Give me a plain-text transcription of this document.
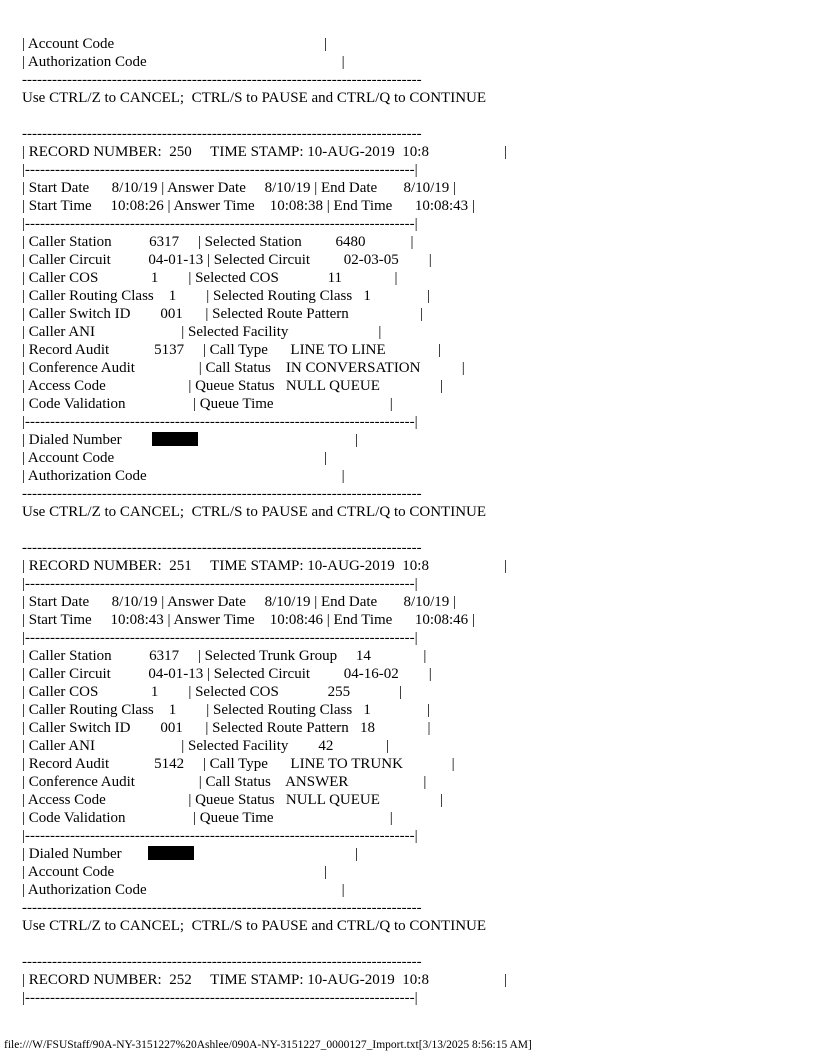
| Account Code                                                        |
| Authorization Code                                                    |
--------------------------------------------------------------------------------
Use CTRL/Z to CANCEL;  CTRL/S to PAUSE and CTRL/Q to CONTINUE
--------------------------------------------------------------------------------
| RECORD NUMBER:  250     TIME STAMP: 10-AUG-2019  10:8                    |
|------------------------------------------------------------------------------|
| Start Date      8/10/19 | Answer Date     8/10/19 | End Date       8/10/19 |
| Start Time     10:08:26 | Answer Time    10:08:38 | End Time      10:08:43 |
|------------------------------------------------------------------------------|
| Caller Station          6317     | Selected Station         6480            |
| Caller Circuit          04-01-13 | Selected Circuit         02-03-05        |
| Caller COS              1        | Selected COS             11              |
| Caller Routing Class    1        | Selected Routing Class   1               |
| Caller Switch ID        001      | Selected Route Pattern                   |
| Caller ANI                       | Selected Facility                        |
| Record Audit            5137     | Call Type      LINE TO LINE              |
| Conference Audit                 | Call Status    IN CONVERSATION           |
| Access Code                      | Queue Status   NULL QUEUE                |
| Code Validation                  | Queue Time                               |
|------------------------------------------------------------------------------|
| Dialed Number	|
| Account Code                                                        |
| Authorization Code                                                    |
--------------------------------------------------------------------------------
Use CTRL/Z to CANCEL;  CTRL/S to PAUSE and CTRL/Q to CONTINUE
--------------------------------------------------------------------------------
| RECORD NUMBER:  251     TIME STAMP: 10-AUG-2019  10:8                    |
|------------------------------------------------------------------------------|
| Start Date      8/10/19 | Answer Date     8/10/19 | End Date       8/10/19 |
| Start Time     10:08:43 | Answer Time    10:08:46 | End Time      10:08:46 |
|------------------------------------------------------------------------------|
| Caller Station          6317     | Selected Trunk Group     14              |
| Caller Circuit          04-01-13 | Selected Circuit         04-16-02        |
| Caller COS              1        | Selected COS             255             |
| Caller Routing Class    1        | Selected Routing Class   1               |
| Caller Switch ID        001      | Selected Route Pattern   18              |
| Caller ANI                       | Selected Facility        42              |
| Record Audit            5142     | Call Type      LINE TO TRUNK             |
| Conference Audit                 | Call Status    ANSWER                    |
| Access Code                      | Queue Status   NULL QUEUE                |
| Code Validation                  | Queue Time                               |
|------------------------------------------------------------------------------|
| Dialed Number	|
| Account Code                                                        |
| Authorization Code                                                    |
--------------------------------------------------------------------------------
Use CTRL/Z to CANCEL;  CTRL/S to PAUSE and CTRL/Q to CONTINUE
--------------------------------------------------------------------------------
| RECORD NUMBER:  252     TIME STAMP: 10-AUG-2019  10:8                    |
|------------------------------------------------------------------------------|
file:///W/FSUStaff/90A-NY-3151227%20Ashlee/090A-NY-3151227_0000127_Import.txt[3/13/2025 8:56:15 AM]
